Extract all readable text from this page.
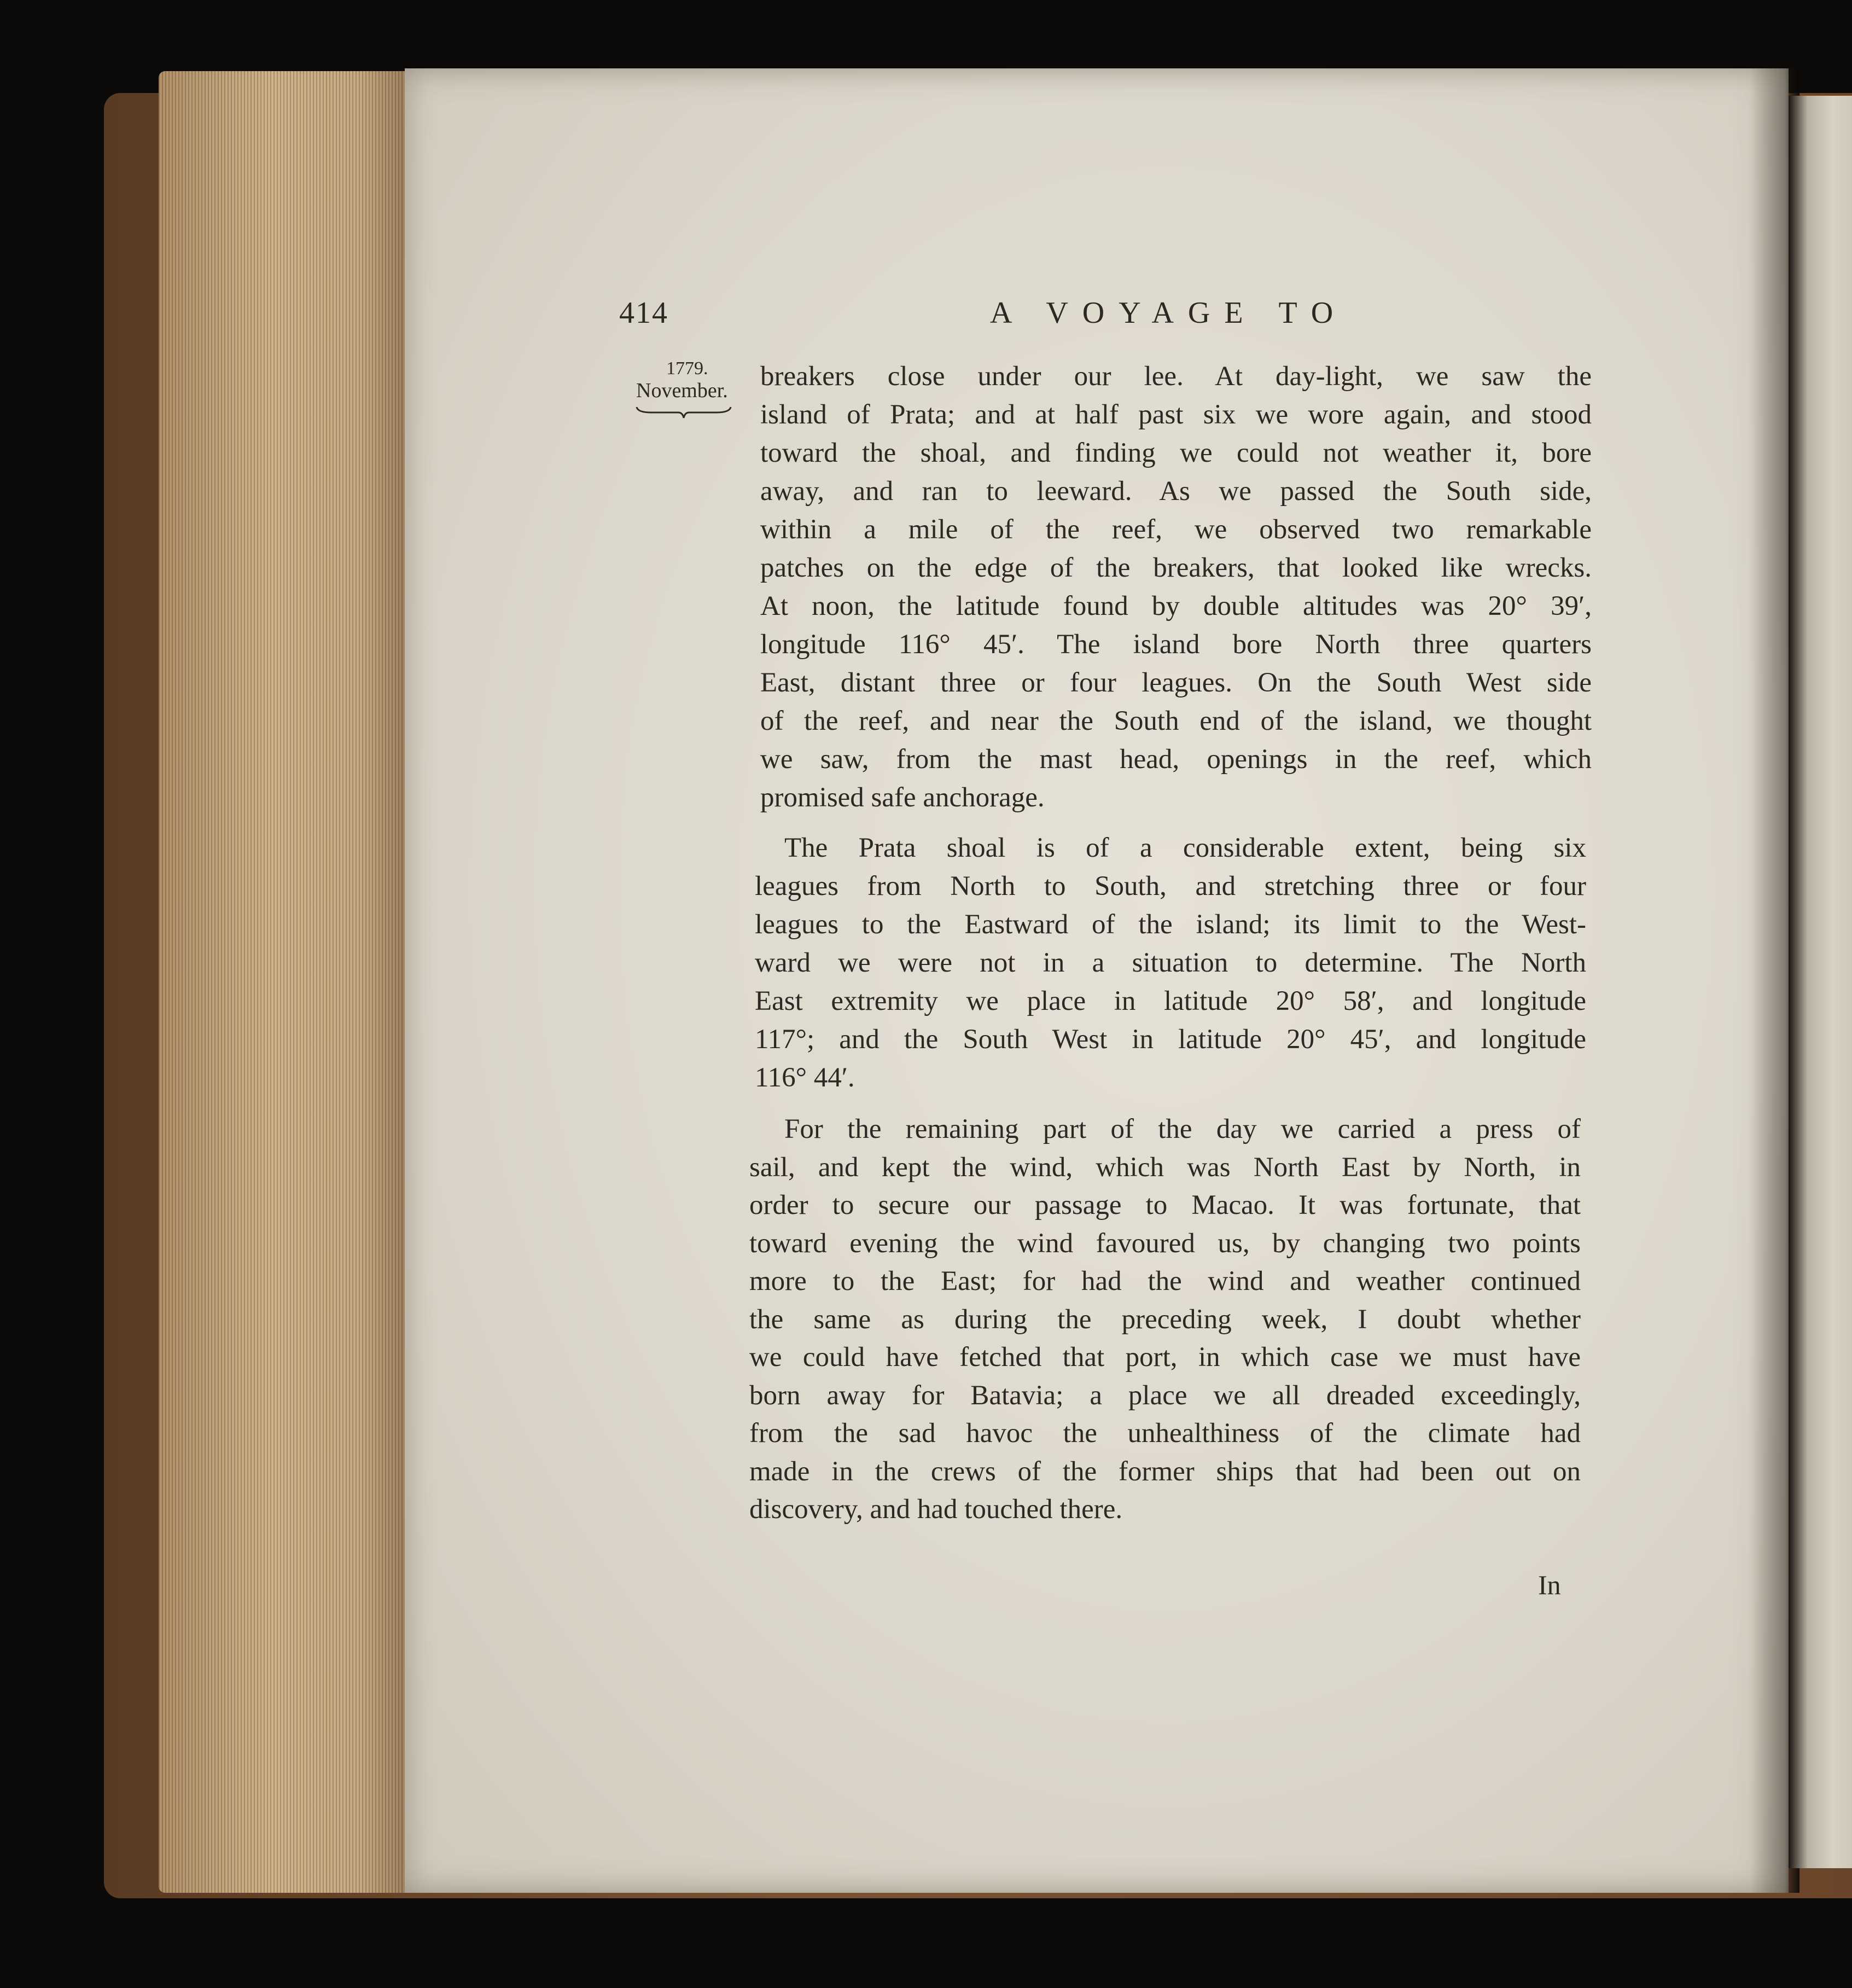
414	A VOYAGE TO
1779.
November. breakers close under our lee. At day-light, we saw the
island of Prata; and at half past six we wore again, and stood
toward the shoal, and finding we could not weather it, bore
away, and ran to leeward. As we passed the South side,
within a mile of the reef, we observed two remarkable
patches on the edge of the breakers, that looked like wrecks.
At noon, the latitude found by double altitudes was 20° 39′,
longitude 116° 45′. The island bore North three quarters
East, distant three or four leagues. On the South West side
of the reef, and near the South end of the island, we thought
we saw, from the mast head, openings in the reef, which
promised safe anchorage.
The Prata shoal is of a considerable extent, being six
leagues from North to South, and stretching three or four
leagues to the Eastward of the island; its limit to the West-
ward we were not in a situation to determine. The North
East extremity we place in latitude 20° 58′, and longitude
117°; and the South West in latitude 20° 45′, and longitude
116° 44′.
For the remaining part of the day we carried a press of
sail, and kept the wind, which was North East by North, in
order to secure our passage to Macao. It was fortunate, that
toward evening the wind favoured us, by changing two points
more to the East; for had the wind and weather continued
the same as during the preceding week, I doubt whether
we could have fetched that port, in which case we must have
born away for Batavia; a place we all dreaded exceedingly,
from the sad havoc the unhealthiness of the climate had
made in the crews of the former ships that had been out on
discovery, and had touched there.
In
